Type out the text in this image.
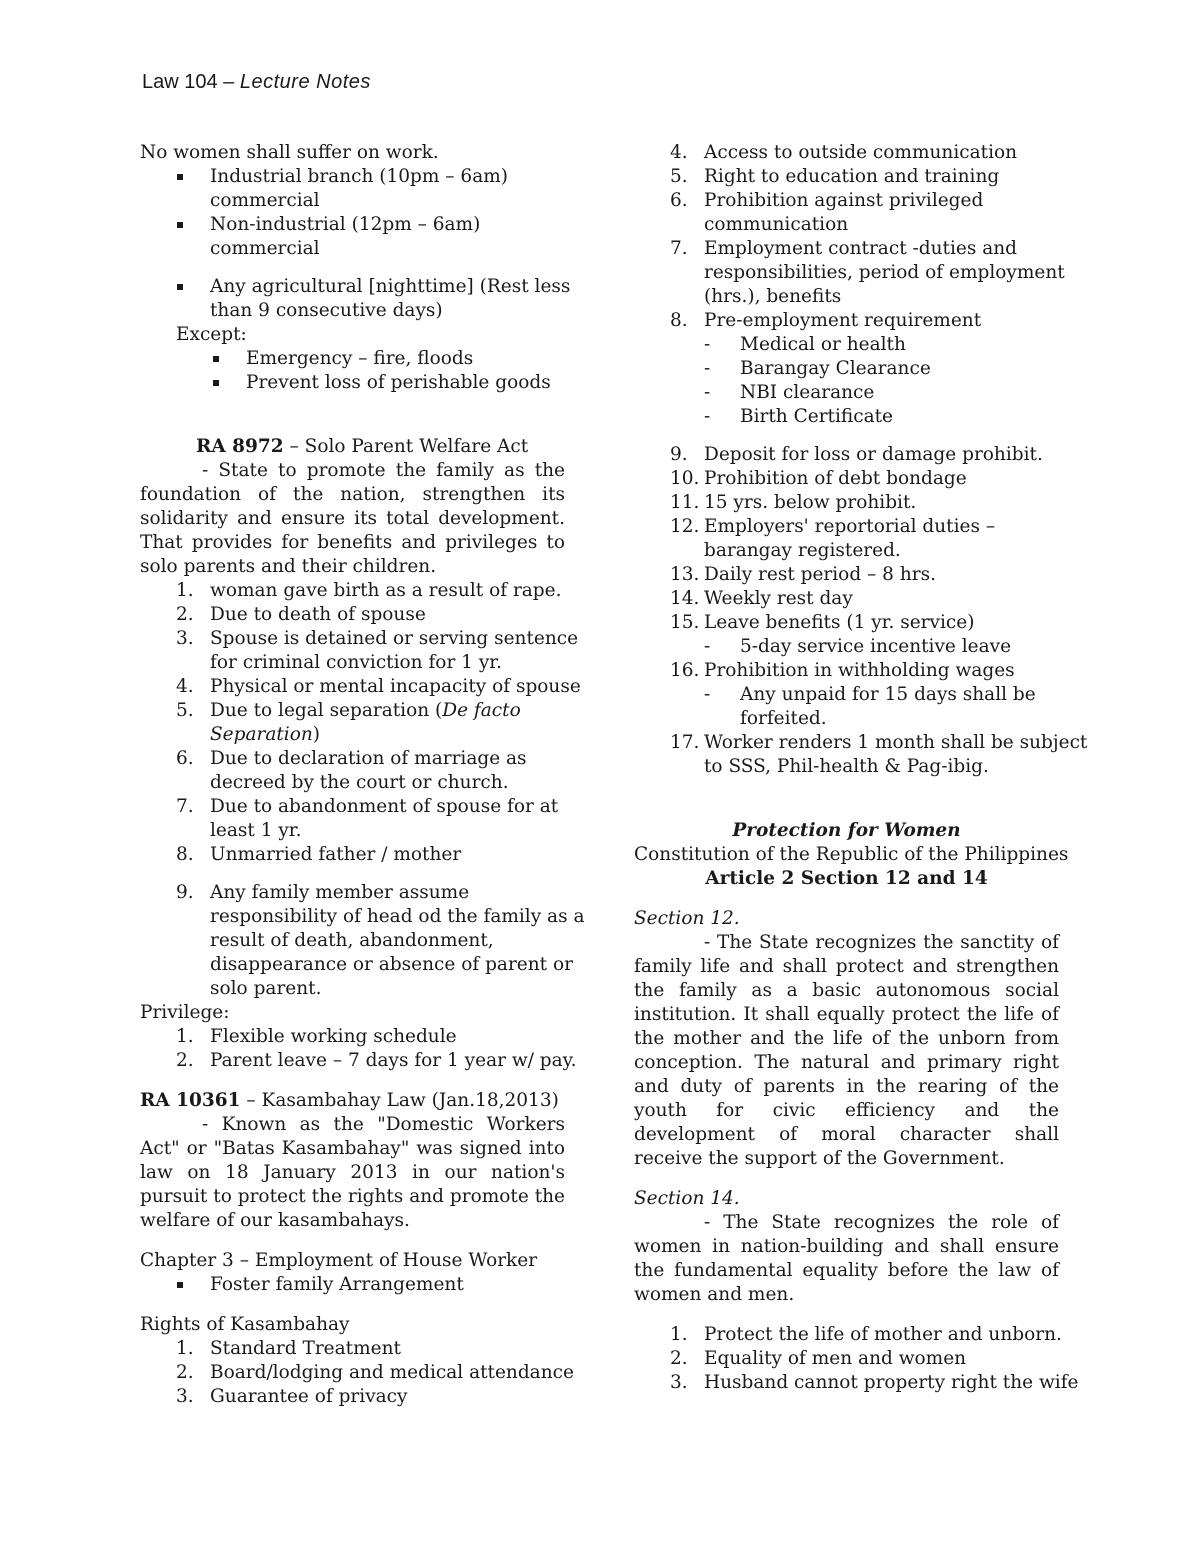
Law 104 – Lecture Notes
No women shall suffer on work.
Industrial branch (10pm – 6am)
commercial
Non-industrial (12pm – 6am)
commercial
Any agricultural [nighttime] (Rest less
than 9 consecutive days)
Except:
Emergency – fire, floods
Prevent loss of perishable goods
RA 8972 – Solo Parent Welfare Act
- State to promote the family as the foundation of the nation, strengthen its solidarity and ensure its total development. That provides for benefits and privileges to solo parents and their children.
1. woman gave birth as a result of rape.
2. Due to death of spouse
3. Spouse is detained or serving sentence
for criminal conviction for 1 yr.
4. Physical or mental incapacity of spouse
5. Due to legal separation (De facto
Separation)
6. Due to declaration of marriage as
decreed by the court or church.
7. Due to abandonment of spouse for at
least 1 yr.
8. Unmarried father / mother
9. Any family member assume
responsibility of head od the family as a
result of death, abandonment,
disappearance or absence of parent or
solo parent.
Privilege:
1. Flexible working schedule
2. Parent leave – 7 days for 1 year w/ pay.
RA 10361 – Kasambahay Law (Jan.18,2013)
- Known as the "Domestic Workers Act" or "Batas Kasambahay" was signed into law on 18 January 2013 in our nation's pursuit to protect the rights and promote the welfare of our kasambahays.
Chapter 3 – Employment of House Worker
Foster family Arrangement
Rights of Kasambahay
1. Standard Treatment
2. Board/lodging and medical attendance
3. Guarantee of privacy
4. Access to outside communication
5. Right to education and training
6. Prohibition against privileged
communication
7. Employment contract -duties and
responsibilities, period of employment
(hrs.), benefits
8. Pre-employment requirement
-	Medical or health
-	Barangay Clearance
-	NBI clearance
-	Birth Certificate
9. Deposit for loss or damage prohibit.
10. Prohibition of debt bondage
11. 15 yrs. below prohibit.
12. Employers' reportorial duties –
barangay registered.
13. Daily rest period – 8 hrs.
14. Weekly rest day
15. Leave benefits (1 yr. service)
-	5-day service incentive leave
16. Prohibition in withholding wages
-	Any unpaid for 15 days shall be
forfeited.
17. Worker renders 1 month shall be subject
to SSS, Phil-health & Pag-ibig.
Protection for Women
Constitution of the Republic of the Philippines
Article 2 Section 12 and 14
Section 12.
- The State recognizes the sanctity of family life and shall protect and strengthen the family as a basic autonomous social institution. It shall equally protect the life of the mother and the life of the unborn from conception. The natural and primary right and duty of parents in the rearing of the youth for civic efficiency and the development of moral character shall receive the support of the Government.
Section 14.
- The State recognizes the role of women in nation-building and shall ensure the fundamental equality before the law of women and men.
1. Protect the life of mother and unborn.
2. Equality of men and women
3. Husband cannot property right the wife
